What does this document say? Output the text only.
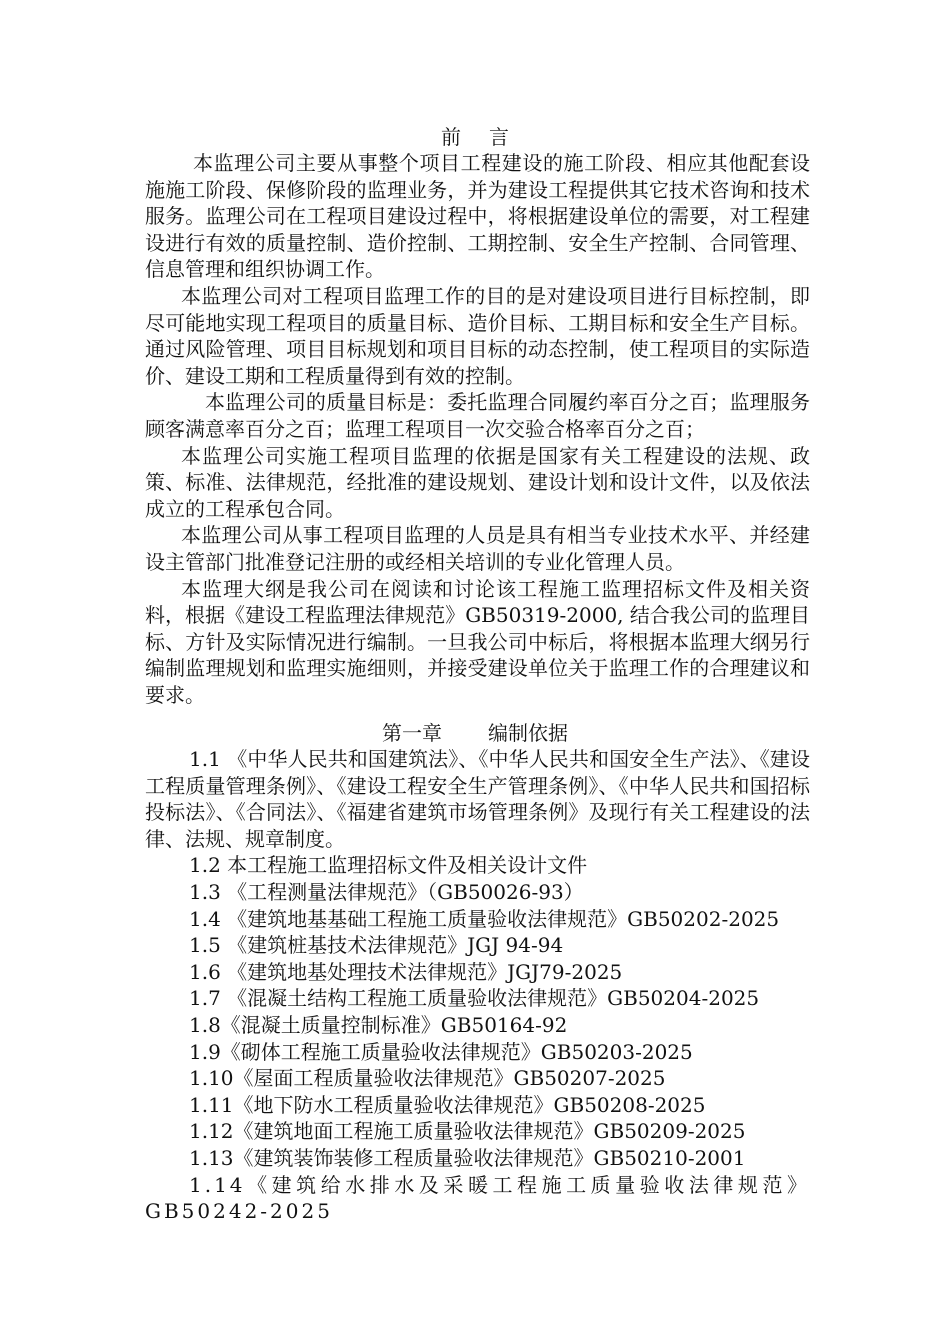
前 言

本监理公司主要从事整个项目工程建设的施工阶段、相应其他配套设施施工阶段、保修阶段的监理业务，并为建设工程提供其它技术咨询和技术服务。监理公司在工程项目建设过程中，将根据建设单位的需要，对工程建设进行有效的质量控制、造价控制、工期控制、安全生产控制、合同管理、信息管理和组织协调工作。

本监理公司对工程项目监理工作的目的是对建设项目进行目标控制，即尽可能地实现工程项目的质量目标、造价目标、工期目标和安全生产目标。通过风险管理、项目目标规划和项目目标的动态控制，使工程项目的实际造价、建设工期和工程质量得到有效的控制。

本监理公司的质量目标是：委托监理合同履约率百分之百；监理服务顾客满意率百分之百；监理工程项目一次交验合格率百分之百；

本监理公司实施工程项目监理的依据是国家有关工程建设的法规、政策、标准、法律规范，经批准的建设规划、建设计划和设计文件，以及依法成立的工程承包合同。

本监理公司从事工程项目监理的人员是具有相当专业技术水平、并经建设主管部门批准登记注册的或经相关培训的专业化管理人员。

本监理大纲是我公司在阅读和讨论该工程施工监理招标文件及相关资料，根据《建设工程监理法律规范》GB50319-2000, 结合我公司的监理目标、方针及实际情况进行编制。一旦我公司中标后，将根据本监理大纲另行编制监理规划和监理实施细则，并接受建设单位关于监理工作的合理建议和要求。

第一章 编制依据

1.1 《中华人民共和国建筑法》、《中华人民共和国安全生产法》、《建设工程质量管理条例》、《建设工程安全生产管理条例》、《中华人民共和国招标投标法》、《合同法》、《福建省建筑市场管理条例》及现行有关工程建设的法律、法规、规章制度。

1.2 本工程施工监理招标文件及相关设计文件

1.3 《工程测量法律规范》（GB50026-93）

1.4 《建筑地基基础工程施工质量验收法律规范》GB50202-2025

1.5 《建筑桩基技术法律规范》JGJ 94-94

1.6 《建筑地基处理技术法律规范》JGJ79-2025

1.7 《混凝土结构工程施工质量验收法律规范》GB50204-2025

1.8《混凝土质量控制标准》GB50164-92

1.9《砌体工程施工质量验收法律规范》GB50203-2025

1.10《屋面工程质量验收法律规范》GB50207-2025

1.11《地下防水工程质量验收法律规范》GB50208-2025

1.12《建筑地面工程施工质量验收法律规范》GB50209-2025

1.13《建筑装饰装修工程质量验收法律规范》GB50210-2001

1.14《建筑给水排水及采暖工程施工质量验收法律规范》GB50242-2025
